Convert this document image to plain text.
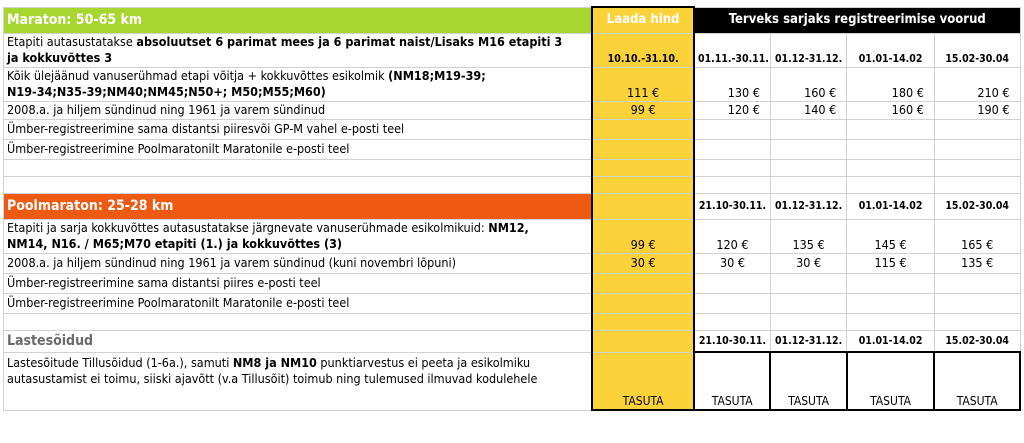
Maraton: 50-65 km	Laada hind	Terveks sarjaks registreerimise voorud			
Etapiti autasustatakse absoluutset 6 parimat mees ja 6 parimat naist/Lisaks M16 etapiti 3
ja kokkuvõttes 3	10.10.-31.10.	01.11.-30.11.	01.12-31.12.	01.01-14.02	15.02-30.04
Kõik ülejäänud vanuserühmad etapi võitja + kokkuvõttes esikolmik (NM18;M19-39;
N19-34;N35-39;NM40;NM45;N50+; M50;M55;M60)	111 €	130 €	160 €	180 €	210 €
2008.a. ja hiljem sündinud ning 1961 ja varem sündinud	99 €	120 €	140 €	160 €	190 €
Ümber-registreerimine sama distantsi piiresvõi GP-M vahel e-posti teel					
Ümber-registreerimine Poolmaratonilt Maratonile e-posti teel					

Poolmaraton: 25-28 km		21.10-30.11.	01.12-31.12.	01.01-14.02	15.02-30.04
Etapiti ja sarja kokkuvõttes autasustatakse järgnevate vanuserühmade esikolmikuid: NM12,
NM14, N16. / M65;M70 etapiti (1.) ja kokkuvõttes (3)	99 €	120 €	135 €	145 €	165 €
2008.a. ja hiljem sündinud ning 1961 ja varem sündinud (kuni novembri lõpuni)	30 €	30 €	30 €	115 €	135 €
Ümber-registreerimine sama distantsi piires e-posti teel					
Ümber-registreerimine Poolmaratonilt Maratonile e-posti teel					

Lastesõidud		21.10-30.11.	01.12-31.12.	01.01-14.02	15.02-30.04
Lastesõitude Tillusõidud (1-6a.), samuti NM8 ja NM10 punktiarvestus ei peeta ja esikolmiku autasustamist ei toimu, siiski ajavõtt (v.a Tillusõit) toimub ning tulemused ilmuvad kodulehele	TASUTA	TASUTA	TASUTA	TASUTA	TASUTA
